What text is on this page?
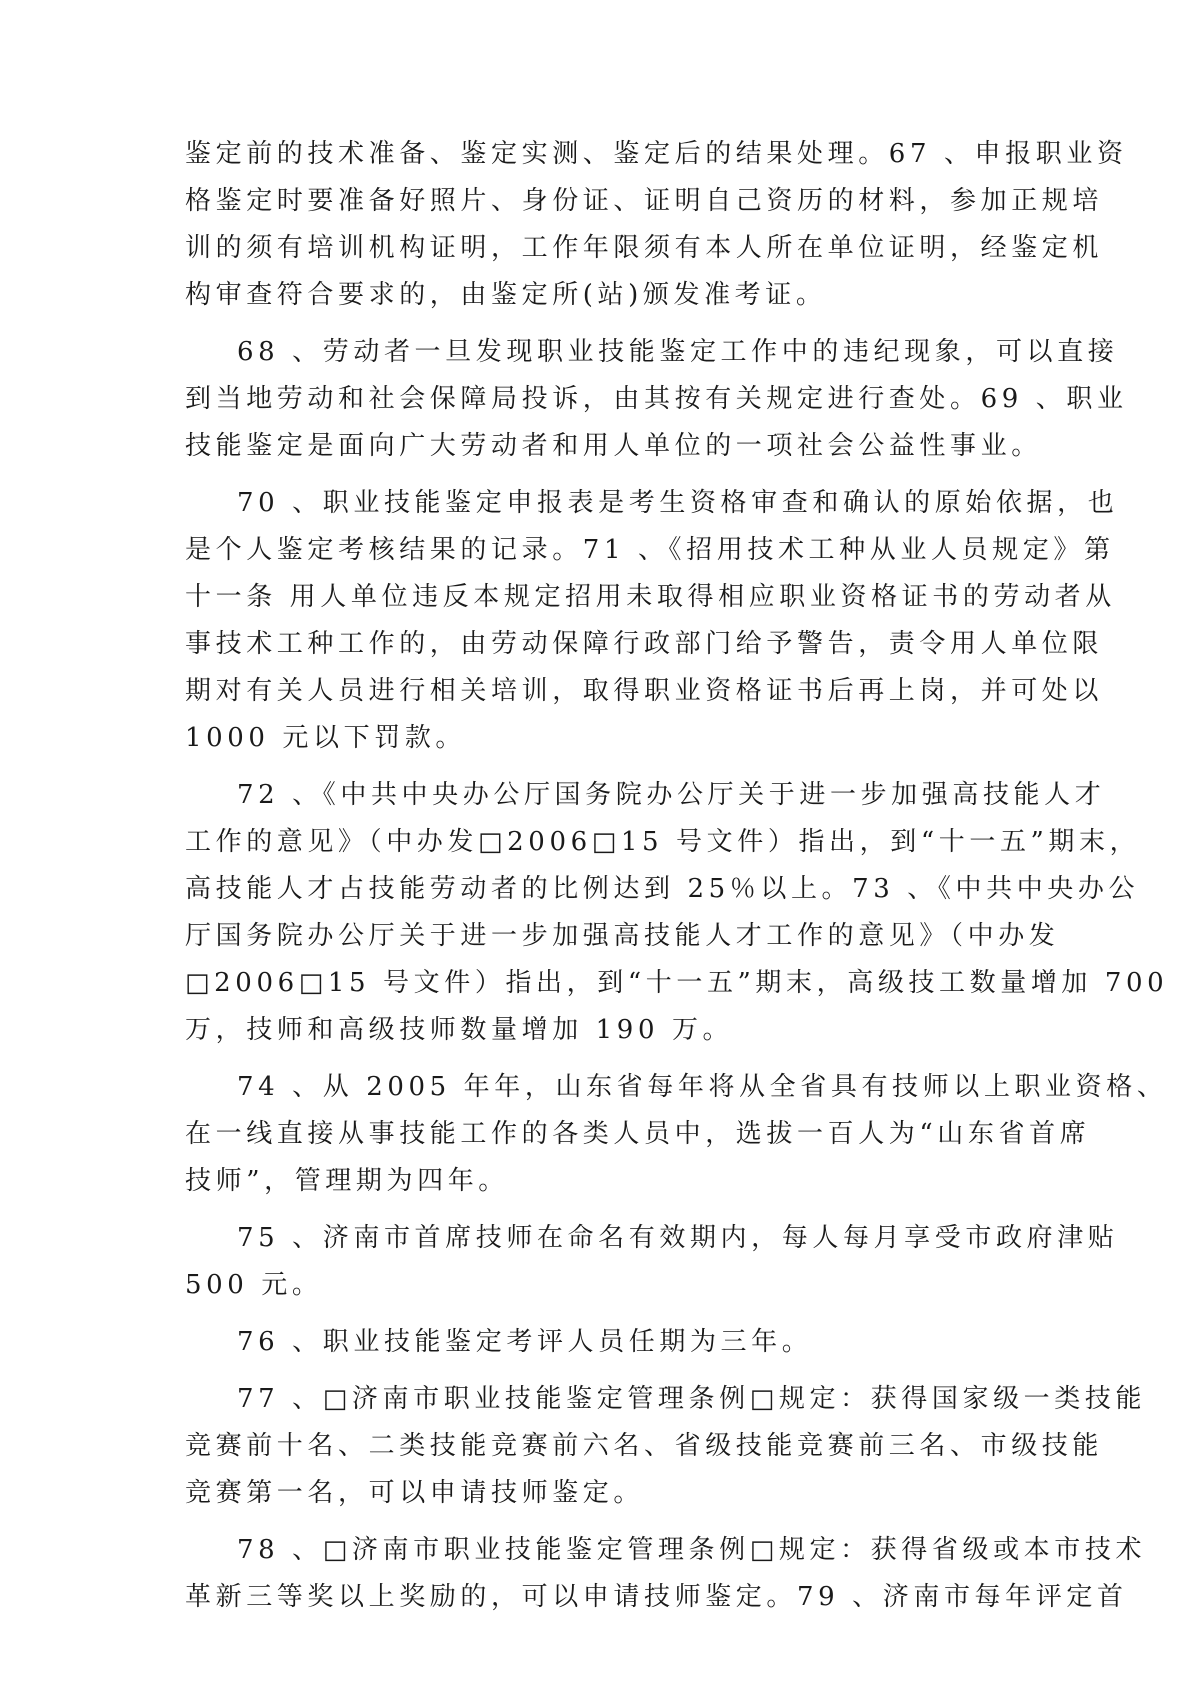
鉴定前的技术准备、鉴定实测、鉴定后的结果处理。67 、申报职业资
格鉴定时要准备好照片、身份证、证明自己资历的材料，参加正规培
训的须有培训机构证明，工作年限须有本人所在单位证明，经鉴定机
构审查符合要求的，由鉴定所(站)颁发准考证。
68 、劳动者一旦发现职业技能鉴定工作中的违纪现象，可以直接
到当地劳动和社会保障局投诉，由其按有关规定进行查处。69 、职业
技能鉴定是面向广大劳动者和用人单位的一项社会公益性事业。
70 、职业技能鉴定申报表是考生资格审查和确认的原始依据，也
是个人鉴定考核结果的记录。71 、《招用技术工种从业人员规定》第
十一条 用人单位违反本规定招用未取得相应职业资格证书的劳动者从
事技术工种工作的，由劳动保障行政部门给予警告，责令用人单位限
期对有关人员进行相关培训，取得职业资格证书后再上岗，并可处以
1000 元以下罚款。
72 、《中共中央办公厅国务院办公厅关于进一步加强高技能人才
工作的意见》（中办发□2006□15 号文件）指出，到“十一五”期末，
高技能人才占技能劳动者的比例达到 25％以上。73 、《中共中央办公
厅国务院办公厅关于进一步加强高技能人才工作的意见》（中办发
□2006□15 号文件）指出，到“十一五”期末，高级技工数量增加 700
万，技师和高级技师数量增加 190 万。
74 、从 2005 年年，山东省每年将从全省具有技师以上职业资格、
在一线直接从事技能工作的各类人员中，选拔一百人为“山东省首席
技师”，管理期为四年。
75 、济南市首席技师在命名有效期内，每人每月享受市政府津贴
500 元。
76 、职业技能鉴定考评人员任期为三年。
77 、□济南市职业技能鉴定管理条例□规定：获得国家级一类技能
竞赛前十名、二类技能竞赛前六名、省级技能竞赛前三名、市级技能
竞赛第一名，可以申请技师鉴定。
78 、□济南市职业技能鉴定管理条例□规定：获得省级或本市技术
革新三等奖以上奖励的，可以申请技师鉴定。79 、济南市每年评定首
